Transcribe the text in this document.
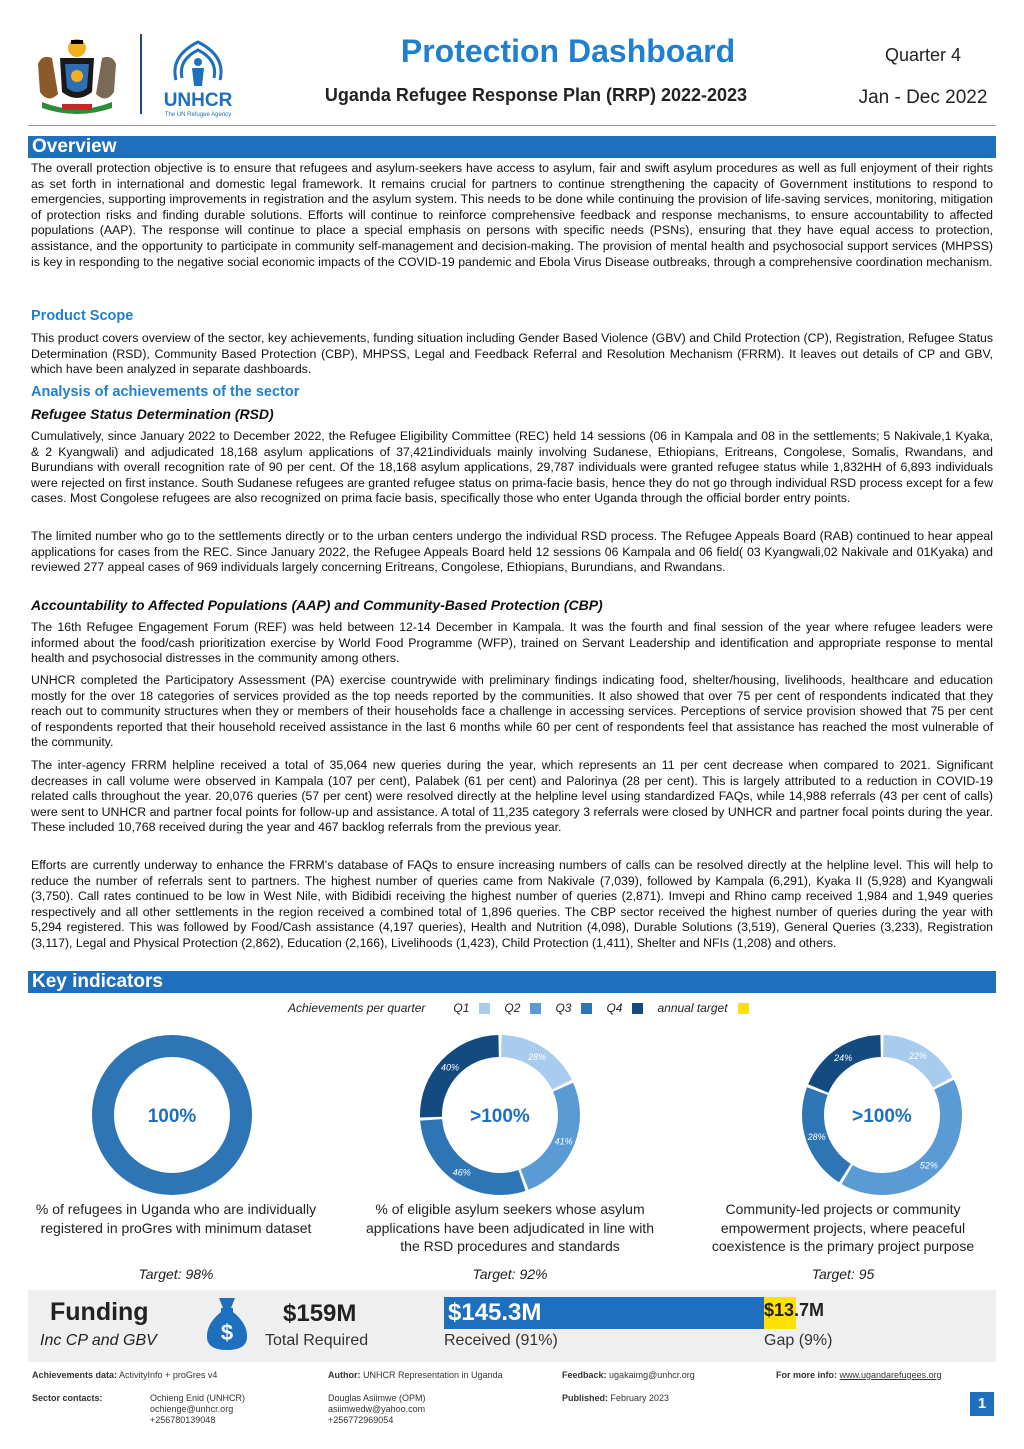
UNHCR
The UN Refugee Agency
Protection Dashboard
Uganda Refugee Response Plan (RRP) 2022-2023
Quarter 4
Jan - Dec 2022
Overview
The overall protection objective is to ensure that refugees and asylum-seekers have access to asylum, fair and swift asylum procedures as well as full enjoyment of their rights as set forth in international and domestic legal framework. It remains crucial for partners to continue strengthening the capacity of Government institutions to respond to emergencies, supporting improvements in registration and the asylum system. This needs to be done while continuing the provision of life-saving services, monitoring, mitigation of protection risks and finding durable solutions. Efforts will continue to reinforce comprehensive feedback and response mechanisms, to ensure accountability to affected populations (AAP). The response will continue to place a special emphasis on persons with specific needs (PSNs), ensuring that they have equal access to protection, assistance, and the opportunity to participate in community self-management and decision-making. The provision of mental health and psychosocial support services (MHPSS) is key in responding to the negative social economic impacts of the COVID-19 pandemic and Ebola Virus Disease outbreaks, through a comprehensive coordination mechanism.
Product Scope
This product covers overview of the sector, key achievements, funding situation including Gender Based Violence (GBV) and Child Protection (CP), Registration, Refugee Status Determination (RSD), Community Based Protection (CBP), MHPSS, Legal and Feedback Referral and Resolution Mechanism (FRRM). It leaves out details of CP and GBV, which have been analyzed in separate dashboards.
Analysis of achievements of the sector
Refugee Status Determination (RSD)
Cumulatively, since January 2022 to December 2022, the Refugee Eligibility Committee (REC) held 14 sessions (06 in Kampala and 08 in the settlements; 5 Nakivale,1 Kyaka, & 2 Kyangwali) and adjudicated 18,168 asylum applications of 37,421individuals mainly involving Sudanese, Ethiopians, Eritreans, Congolese, Somalis, Rwandans, and Burundians with overall recognition rate of 90 per cent. Of the 18,168 asylum applications, 29,787 individuals were granted refugee status while 1,832HH of 6,893 individuals were rejected on first instance. South Sudanese refugees are granted refugee status on prima-facie basis, hence they do not go through individual RSD process except for a few cases. Most Congolese refugees are also recognized on prima facie basis, specifically those who enter Uganda through the official border entry points.
The limited number who go to the settlements directly or to the urban centers undergo the individual RSD process. The Refugee Appeals Board (RAB) continued to hear appeal applications for cases from the REC. Since January 2022, the Refugee Appeals Board held 12 sessions 06 Kampala and 06 field( 03 Kyangwali,02 Nakivale and 01Kyaka) and reviewed 277 appeal cases of 969 individuals largely concerning Eritreans, Congolese, Ethiopians, Burundians, and Rwandans.
Accountability to Affected Populations (AAP) and Community-Based Protection (CBP)
The 16th Refugee Engagement Forum (REF) was held between 12-14 December in Kampala. It was the fourth and final session of the year where refugee leaders were informed about the food/cash prioritization exercise by World Food Programme (WFP), trained on Servant Leadership and identification and appropriate response to mental health and psychosocial distresses in the community among others.
UNHCR completed the Participatory Assessment (PA) exercise countrywide with preliminary findings indicating food, shelter/housing, livelihoods, healthcare and education mostly for the over 18 categories of services provided as the top needs reported by the communities. It also showed that over 75 per cent of respondents indicated that they reach out to community structures when they or members of their households face a challenge in accessing services. Perceptions of service provision showed that 75 per cent of respondents reported that their household received assistance in the last 6 months while 60 per cent of respondents feel that assistance has reached the most vulnerable of the community.
The inter-agency FRRM helpline received a total of 35,064 new queries during the year, which represents an 11 per cent decrease when compared to 2021. Significant decreases in call volume were observed in Kampala (107 per cent), Palabek (61 per cent) and Palorinya (28 per cent). This is largely attributed to a reduction in COVID-19 related calls throughout the year. 20,076 queries (57 per cent) were resolved directly at the helpline level using standardized FAQs, while 14,988 referrals (43 per cent of calls) were sent to UNHCR and partner focal points for follow-up and assistance. A total of 11,235 category 3 referrals were closed by UNHCR and partner focal points during the year. These included 10,768 received during the year and 467 backlog referrals from the previous year.
Efforts are currently underway to enhance the FRRM's database of FAQs to ensure increasing numbers of calls can be resolved directly at the helpline level. This will help to reduce the number of referrals sent to partners. The highest number of queries came from Nakivale (7,039), followed by Kampala (6,291), Kyaka II (5,928) and Kyangwali (3,750). Call rates continued to be low in West Nile, with Bidibidi receiving the highest number of queries (2,871). Imvepi and Rhino camp received 1,984 and 1,949 queries respectively and all other settlements in the region received a combined total of 1,896 queries. The CBP sector received the highest number of queries during the year with 5,294 registered. This was followed by Food/Cash assistance (4,197 queries), Health and Nutrition (4,098), Durable Solutions (3,519), General Queries (3,233), Registration (3,117), Legal and Physical Protection (2,862), Education (2,166), Livelihoods (1,423), Child Protection (1,411), Shelter and NFIs (1,208) and others.
Key indicators
Achievements per quarter Q1	Q2	Q3	Q4	annual target
100%
% of refugees in Uganda who are individually registered in proGres with minimum dataset
Target: 98%
28%
41%
46%
40%
>100%
% of eligible asylum seekers whose asylum applications have been adjudicated in line with the RSD procedures and standards
Target: 92%
22%
52%
28%
24%
>100%
Community-led projects or community empowerment projects, where peaceful coexistence is the primary project purpose
Target: 95
Funding
Inc CP and GBV	$
$159M
Total Required
$145.3M
Received (91%)
$13.7M
Gap (9%)
Achievements data: ActivityInfo + proGres v4	Author: UNHCR Representation in Uganda	Feedback: ugakaimg@unhcr.org	For more info: www.ugandarefugees.org
Sector contacts:	Ochieng Enid (UNHCR)
ochienge@unhcr.org
+256780139048
Douglas Asiimwe (OPM)
asiimwedw@yahoo.com
+256772969054
Published: February 2023	1
